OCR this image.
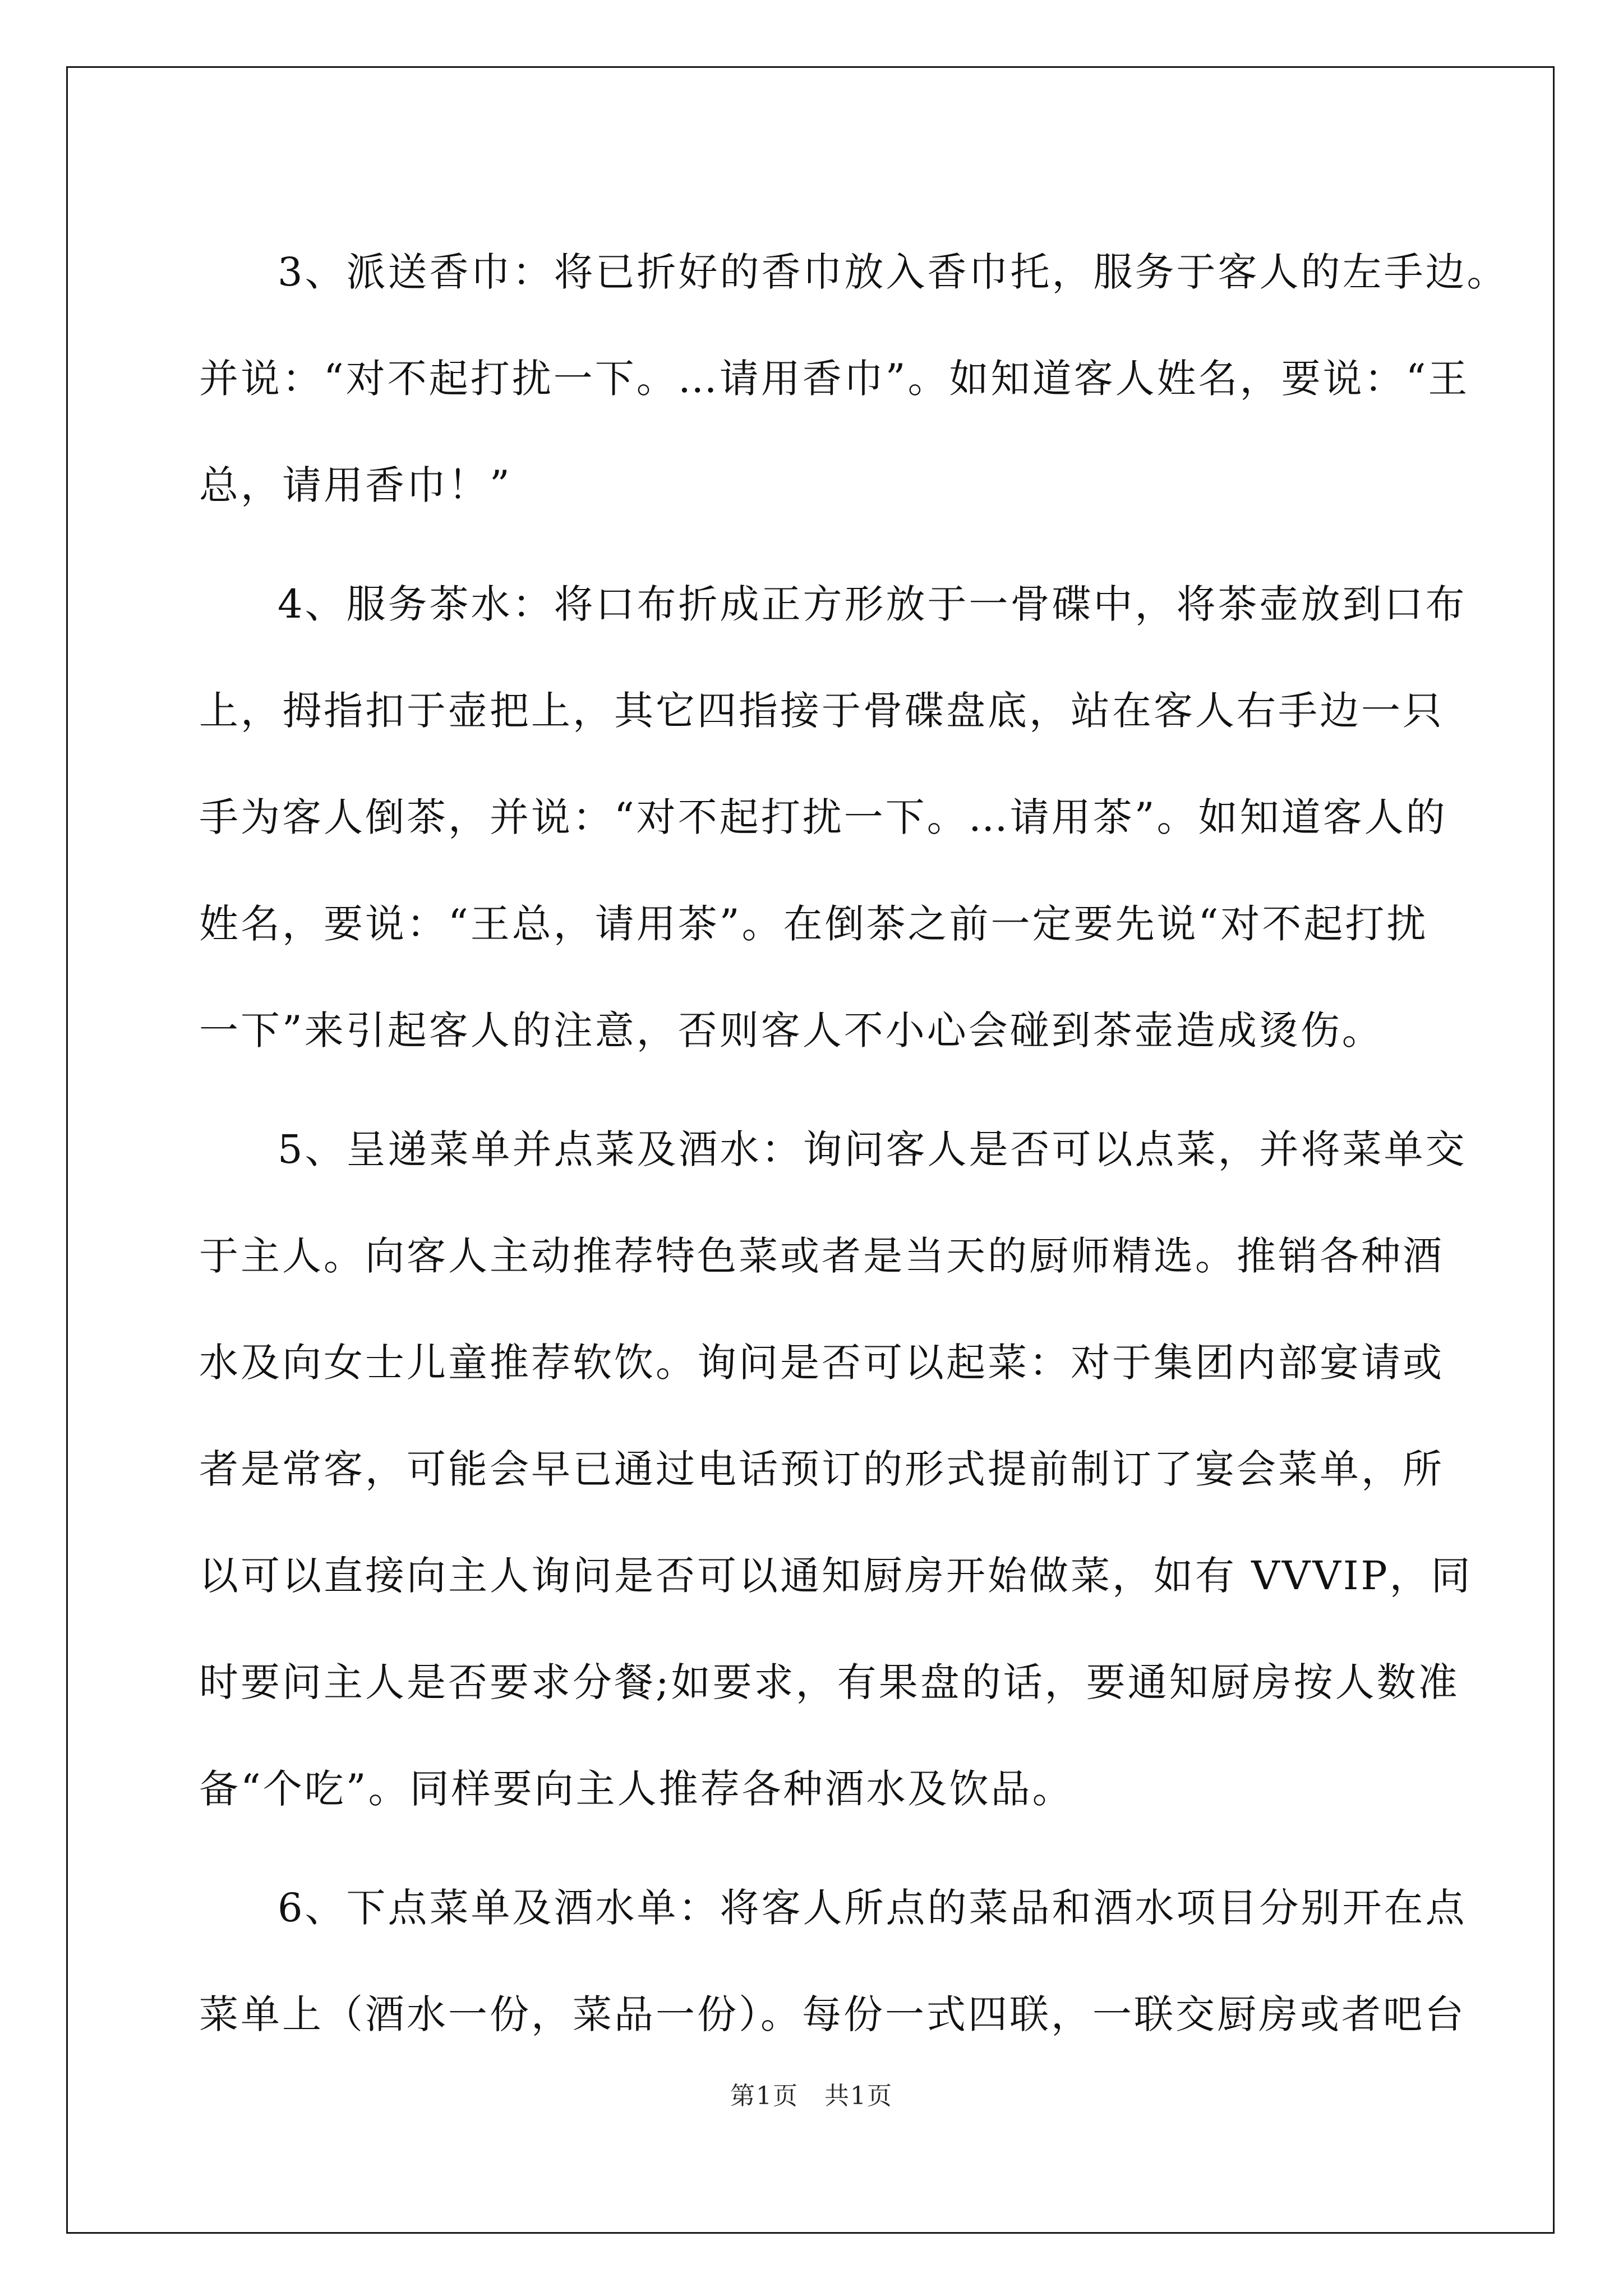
3、派送香巾：将已折好的香巾放入香巾托，服务于客人的左手边。
并说：“对不起打扰一下。…请用香巾”。如知道客人姓名，要说：“王
总，请用香巾！”
4、服务茶水：将口布折成正方形放于一骨碟中，将茶壶放到口布
上，拇指扣于壶把上，其它四指接于骨碟盘底，站在客人右手边一只
手为客人倒茶，并说：“对不起打扰一下。…请用茶”。如知道客人的
姓名，要说：“王总，请用茶”。在倒茶之前一定要先说“对不起打扰
一下”来引起客人的注意，否则客人不小心会碰到茶壶造成烫伤。
5、呈递菜单并点菜及酒水：询问客人是否可以点菜，并将菜单交
于主人。向客人主动推荐特色菜或者是当天的厨师精选。推销各种酒
水及向女士儿童推荐软饮。询问是否可以起菜：对于集团内部宴请或
者是常客，可能会早已通过电话预订的形式提前制订了宴会菜单，所
以可以直接向主人询问是否可以通知厨房开始做菜，如有 VVVIP，同
时要问主人是否要求分餐;如要求，有果盘的话，要通知厨房按人数准
备“个吃”。同样要向主人推荐各种酒水及饮品。
6、下点菜单及酒水单：将客人所点的菜品和酒水项目分别开在点
菜单上（酒水一份，菜品一份）。每份一式四联，一联交厨房或者吧台
第1页　共1页
